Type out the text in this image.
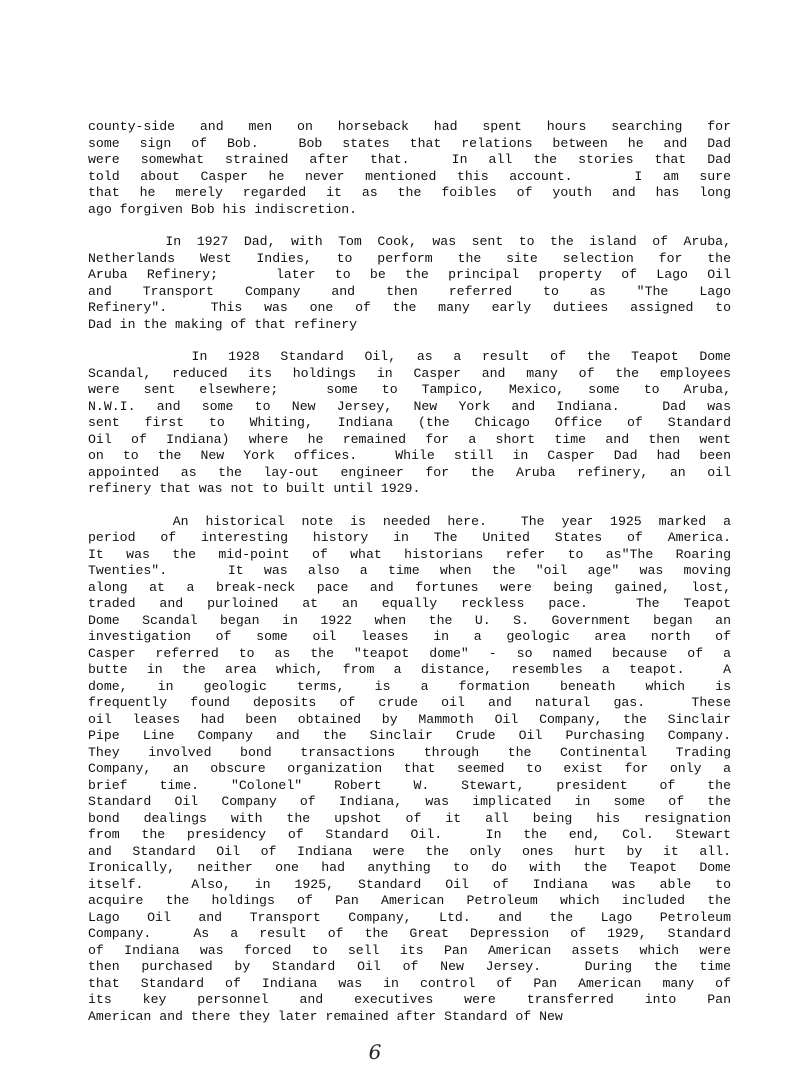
county-side and men on horseback had spent hours searching for
some sign of Bob.  Bob states that relations between he and Dad
were somewhat strained after that.  In all the stories that Dad
told about Casper he never mentioned this account.   I am sure
that he merely regarded it as the foibles of youth and has long
ago forgiven Bob his indiscretion.
In 1927 Dad, with Tom Cook, was sent to the island of Aruba,
Netherlands West Indies, to perform the site selection for the
Aruba Refinery;   later to be the principal property of Lago Oil
and Transport Company and then referred to as "The Lago
Refinery".  This was one of the many early dutiees assigned to
Dad in the making of that refinery
In 1928 Standard Oil, as a result of the Teapot Dome
Scandal, reduced its holdings in Casper and many of the employees
were sent elsewhere;  some to Tampico, Mexico, some to Aruba,
N.W.I. and some to New Jersey, New York and Indiana.  Dad was
sent first to Whiting, Indiana (the Chicago Office of Standard
Oil of Indiana) where he remained for a short time and then went
on to the New York offices.  While still in Casper Dad had been
appointed as the lay-out engineer for the Aruba refinery, an oil
refinery that was not to built until 1929.
An historical note is needed here.  The year 1925 marked a
period of interesting history in The United States of America.
It was the mid-point of what historians refer to as"The Roaring
Twenties".   It was also a time when the "oil age" was moving
along at a break-neck pace and fortunes were being gained, lost,
traded and purloined at an equally reckless pace.  The Teapot
Dome Scandal began in 1922 when the U. S. Government began an
investigation of some oil leases in a geologic area north of
Casper referred to as the "teapot dome" - so named because of a
butte in the area which, from a distance, resembles a teapot.  A
dome, in geologic terms, is a formation beneath which is
frequently found deposits of crude oil and natural gas.  These
oil leases had been obtained by Mammoth Oil Company, the Sinclair
Pipe Line Company and the Sinclair Crude Oil Purchasing Company.
They involved bond transactions through the Continental Trading
Company, an obscure organization that seemed to exist for only a
brief time. "Colonel" Robert W. Stewart, president of the
Standard Oil Company of Indiana, was implicated in some of the
bond dealings with the upshot of it all being his resignation
from the presidency of Standard Oil.  In the end, Col. Stewart
and Standard Oil of Indiana were the only ones hurt by it all.
Ironically, neither one had anything to do with the Teapot Dome
itself.  Also, in 1925, Standard Oil of Indiana was able to
acquire the holdings of Pan American Petroleum which included the
Lago Oil and Transport Company, Ltd. and the Lago Petroleum
Company.  As a result of the Great Depression of 1929, Standard
of Indiana was forced to sell its Pan American assets which were
then purchased by Standard Oil of New Jersey.  During the time
that Standard of Indiana was in control of Pan American many of
its key personnel and executives were transferred into Pan
American and there they later remained after Standard of New
6
